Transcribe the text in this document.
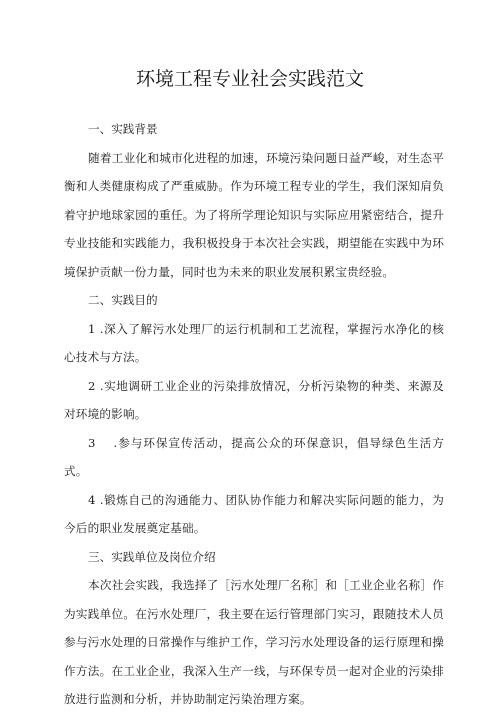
环境工程专业社会实践范文

一、实践背景

随着工业化和城市化进程的加速，环境污染问题日益严峻，对生态平衡和人类健康构成了严重威胁。作为环境工程专业的学生，我们深知肩负着守护地球家园的重任。为了将所学理论知识与实际应用紧密结合，提升专业技能和实践能力，我积极投身于本次社会实践，期望能在实践中为环境保护贡献一份力量，同时也为未来的职业发展积累宝贵经验。

二、实践目的

1 .深入了解污水处理厂的运行机制和工艺流程，掌握污水净化的核心技术与方法。

2 .实地调研工业企业的污染排放情况，分析污染物的种类、来源及对环境的影响。

3　 .参与环保宣传活动，提高公众的环保意识，倡导绿色生活方式。

4 .锻炼自己的沟通能力、团队协作能力和解决实际问题的能力，为今后的职业发展奠定基础。

三、实践单位及岗位介绍

本次社会实践，我选择了［污水处理厂名称］和［工业企业名称］作为实践单位。在污水处理厂，我主要在运行管理部门实习，跟随技术人员参与污水处理的日常操作与维护工作，学习污水处理设备的运行原理和操作方法。在工业企业，我深入生产一线，与环保专员一起对企业的污染排放进行监测和分析，并协助制定污染治理方案。
